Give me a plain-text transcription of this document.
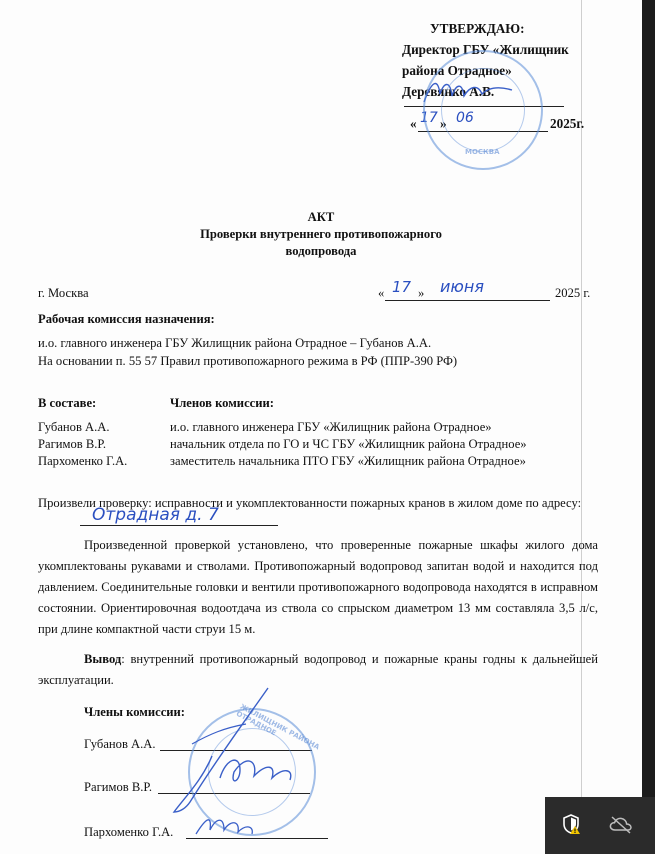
УТВЕРЖДАЮ:
Директор ГБУ «Жилищник
района Отрадное»
Деревянко А.В.
« 17 » 06	2025г.
МОСКВА
АКТ
Проверки внутреннего противопожарного
водопровода
г. Москва	« 17 » июня	2025 г.
Рабочая комиссия назначения:
и.о. главного инженера ГБУ Жилищник района Отрадное – Губанов А.А.
На основании п. 55 57 Правил противопожарного режима в РФ (ППР-390 РФ)
В составе:	Членов комиссии:
Губанов А.А.	и.о. главного инженера ГБУ «Жилищник района Отрадное»
Рагимов В.Р.	начальник отдела по ГО и ЧС ГБУ «Жилищник района Отрадное»
Пархоменко Г.А.	заместитель начальника ПТО ГБУ «Жилищник района Отрадное»

Произвели проверку: исправности и укомплектованности пожарных кранов в жилом доме по адресу:

Отрадная д. 7

Произведенной проверкой установлено, что проверенные пожарные шкафы жилого дома укомплектованы рукавами и стволами. Противопожарный водопровод запитан водой и находится под давлением. Соединительные головки и вентили противопожарного водопровода находятся в исправном состоянии. Ориентировочная водоотдача из ствола со спрыском диаметром 13 мм составляла 3,5 л/с, при длине компактной части струи 15 м.

Вывод: внутренний противопожарный водопровод и пожарные краны годны к дальнейшей эксплуатации.

Члены комиссии:
Губанов А.А.
Рагимов В.Р.
Пархоменко Г.А.
ЖИЛИЩНИК РАЙОНА ОТРАДНОЕ
